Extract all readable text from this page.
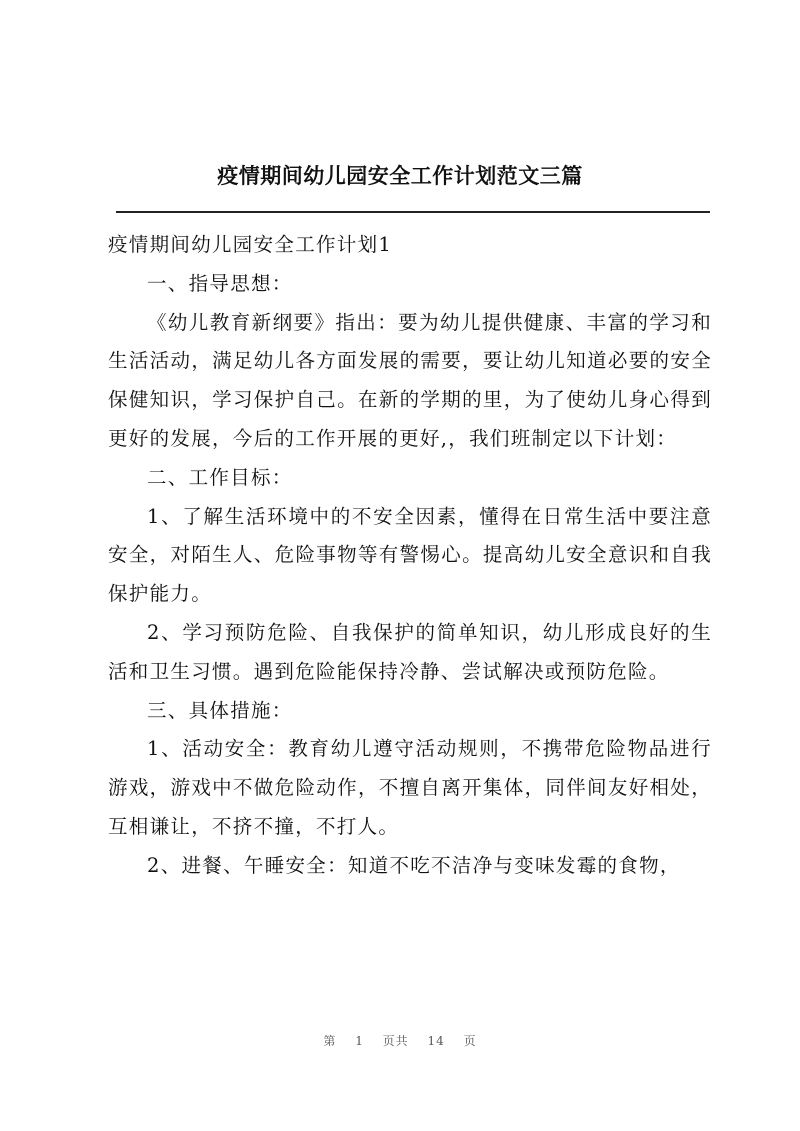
疫情期间幼儿园安全工作计划范文三篇

疫情期间幼儿园安全工作计划1

一、指导思想：

《幼儿教育新纲要》指出：要为幼儿提供健康、丰富的学习和生活活动，满足幼儿各方面发展的需要，要让幼儿知道必要的安全保健知识，学习保护自己。在新的学期的里，为了使幼儿身心得到更好的发展，今后的工作开展的更好,，我们班制定以下计划：

二、工作目标：

1、了解生活环境中的不安全因素，懂得在日常生活中要注意安全，对陌生人、危险事物等有警惕心。提高幼儿安全意识和自我保护能力。

2、学习预防危险、自我保护的简单知识，幼儿形成良好的生活和卫生习惯。遇到危险能保持冷静、尝试解决或预防危险。

三、具体措施：

1、活动安全：教育幼儿遵守活动规则，不携带危险物品进行游戏，游戏中不做危险动作，不擅自离开集体，同伴间友好相处，互相谦让，不挤不撞，不打人。

2、进餐、午睡安全：知道不吃不洁净与变味发霉的食物，

第 1 页共 14 页
